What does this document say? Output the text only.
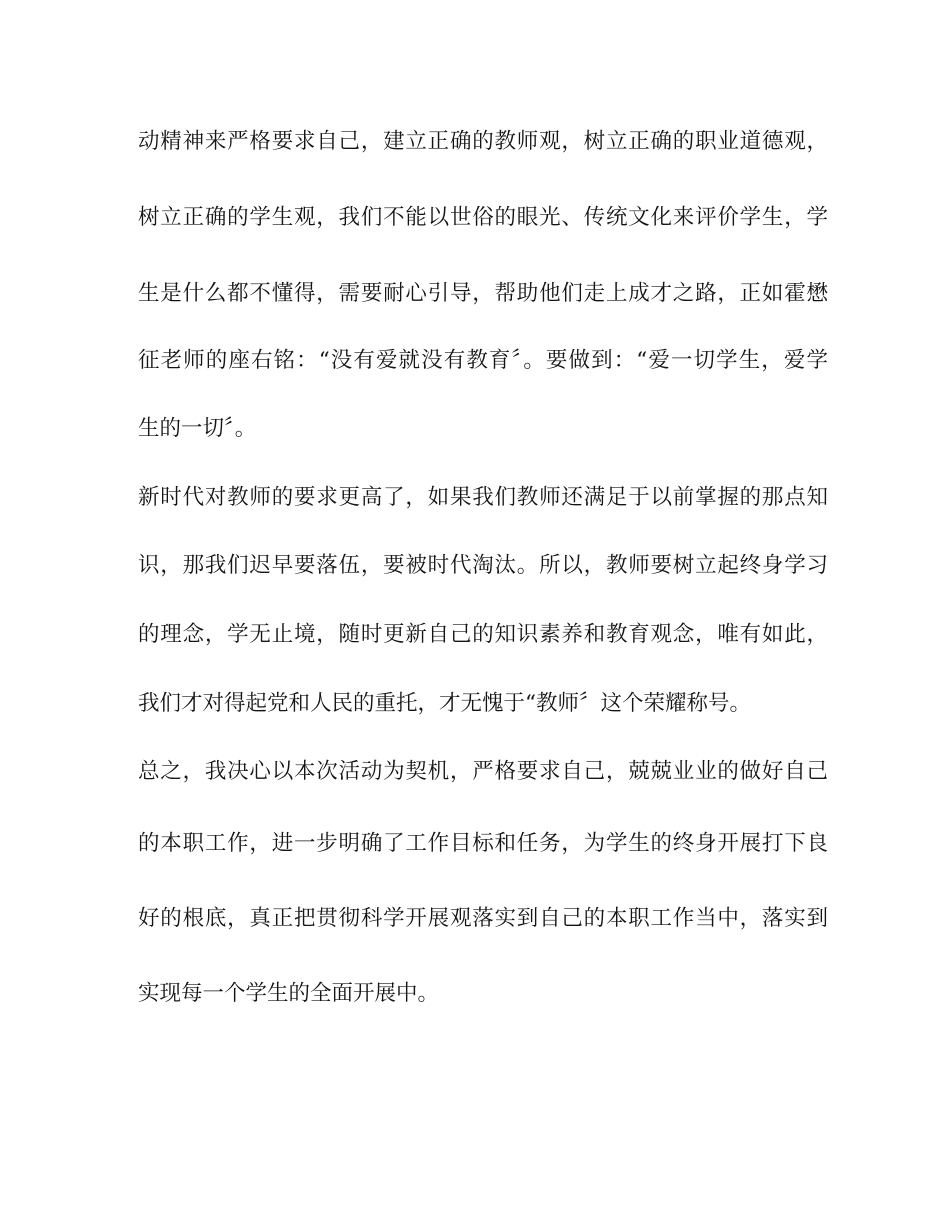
动精神来严格要求自己，建立正确的教师观，树立正确的职业道德观，
树立正确的学生观，我们不能以世俗的眼光、传统文化来评价学生，学
生是什么都不懂得，需要耐心引导，帮助他们走上成才之路，正如霍懋
征老师的座右铭：“没有爱就没有教育〞。要做到：“爱一切学生，爱学
生的一切〞。
新时代对教师的要求更高了，如果我们教师还满足于以前掌握的那点知
识，那我们迟早要落伍，要被时代淘汰。所以，教师要树立起终身学习
的理念，学无止境，随时更新自己的知识素养和教育观念，唯有如此，
我们才对得起党和人民的重托，才无愧于“教师〞这个荣耀称号。
总之，我决心以本次活动为契机，严格要求自己，兢兢业业的做好自己
的本职工作，进一步明确了工作目标和任务，为学生的终身开展打下良
好的根底，真正把贯彻科学开展观落实到自己的本职工作当中，落实到
实现每一个学生的全面开展中。
